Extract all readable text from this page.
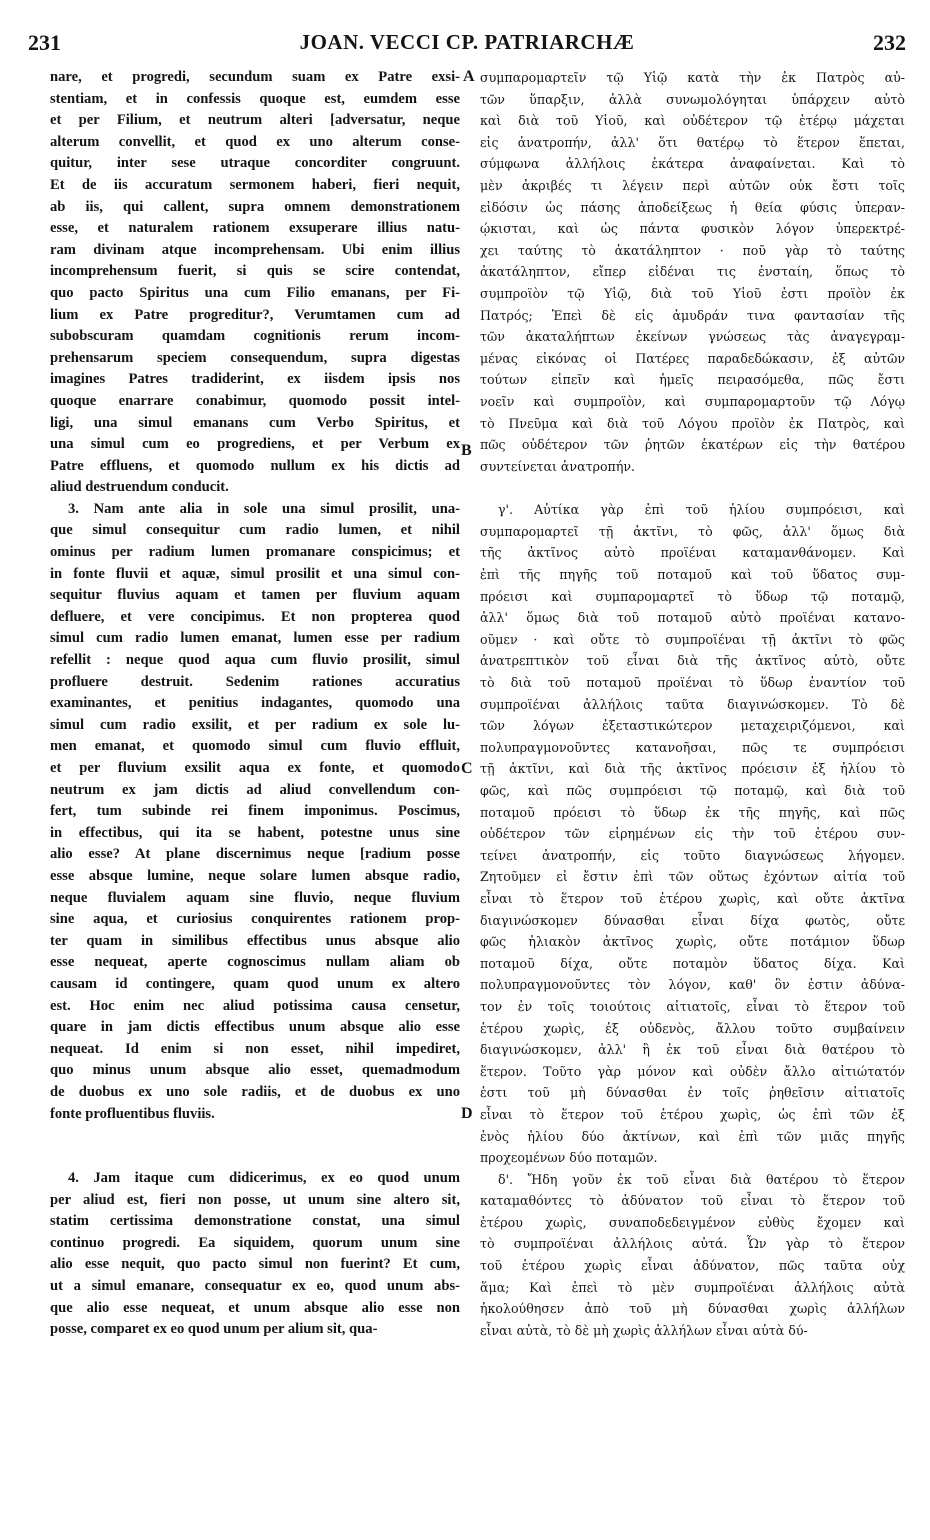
231	JOAN. VECCI CP. PATRIARCHÆ	232
A
B
C
D
nare, et progredi, secundum suam ex Patre exsi-
stentiam, et in confessis quoque est, eumdem esse
et per Filium, et neutrum alteri [adversatur, neque
alterum convellit, et quod ex uno alterum conse-
quitur, inter sese utraque concorditer congruunt.
Et de iis accuratum sermonem haberi, fieri nequit,
ab iis, qui callent, supra omnem demonstrationem
esse, et naturalem rationem exsuperare illius natu-
ram divinam atque incomprehensam. Ubi enim illius
incomprehensum fuerit, si quis se scire contendat,
quo pacto Spiritus una cum Filio emanans, per Fi-
lium ex Patre progreditur?, Verumtamen cum ad
subobscuram quamdam cognitionis rerum incom-
prehensarum speciem consequendum, supra digestas
imagines Patres tradiderint, ex iisdem ipsis nos
quoque enarrare conabimur, quomodo possit intel-
ligi, una simul emanans cum Verbo Spiritus, et
una simul cum eo progrediens, et per Verbum ex
Patre effluens, et quomodo nullum ex his dictis ad
aliud destruendum conducit.
3. Nam ante alia in sole una simul prosilit, una-
que simul consequitur cum radio lumen, et nihil
ominus per radium lumen promanare conspicimus; et
in fonte fluvii et aquæ, simul prosilit et una simul con-
sequitur fluvius aquam et tamen per fluvium aquam
defluere, et vere concipimus. Et non propterea quod
simul cum radio lumen emanat, lumen esse per radium
refellit : neque quod aqua cum fluvio prosilit, simul
profluere destruit. Sedenim rationes accuratius
examinantes, et penitius indagantes, quomodo una
simul cum radio exsilit, et per radium ex sole lu-
men emanat, et quomodo simul cum fluvio effluit,
et per fluvium exsilit aqua ex fonte, et quomodo
neutrum ex jam dictis ad aliud convellendum con-
fert, tum subinde rei finem imponimus. Poscimus,
in effectibus, qui ita se habent, potestne unus sine
alio esse? At plane discernimus neque [radium posse
esse absque lumine, neque solare lumen absque radio,
neque fluvialem aquam sine fluvio, neque fluvium
sine aqua, et curiosius conquirentes rationem prop-
ter quam in similibus effectibus unus absque alio
esse nequeat, aperte cognoscimus nullam aliam ob
causam id contingere, quam quod unum ex altero
est. Hoc enim nec aliud potissima causa censetur,
quare in jam dictis effectibus unum absque alio esse
nequeat. Id enim si non esset, nihil impediret,
quo minus unum absque alio esset, quemadmodum
de duobus ex uno sole radiis, et de duobus ex uno
fonte profluentibus fluviis.
4. Jam itaque cum didicerimus, ex eo quod unum
per aliud est, fieri non posse, ut unum sine altero sit,
statim certissima demonstratione constat, una simul
continuo progredi. Ea siquidem, quorum unum sine
alio esse nequit, quo pacto simul non fuerint? Et cum,
ut a simul emanare, consequatur ex eo, quod unum abs-
que alio esse nequeat, et unum absque alio esse non
posse, comparet ex eo quod unum per alium sit, qua-
συμπαρομαρτεῖν τῷ Υἱῷ κατὰ τὴν ἐκ Πατρὸς αὐ-
τῶν ὕπαρξιν, ἀλλὰ συνωμολόγηται ὑπάρχειν αὐτὸ
καὶ διὰ τοῦ Υἱοῦ, καὶ οὐδέτερον τῷ ἑτέρῳ μάχεται
εἰς ἀνατροπήν, ἀλλ' ὅτι θατέρῳ τὸ ἕτερον ἕπεται,
σύμφωνα ἀλλήλοις ἑκάτερα ἀναφαίνεται. Καὶ τὸ
μὲν ἀκριβές τι λέγειν περὶ αὐτῶν οὐκ ἔστι τοῖς
εἰδόσιν ὡς πάσης ἀποδείξεως ἡ θεία φύσις ὑπεραν-
ῴκισται, καὶ ὡς πάντα φυσικὸν λόγον ὑπερεκτρέ-
χει ταύτης τὸ ἀκατάληπτον · ποῦ γὰρ τὸ ταύτης
ἀκατάληπτον, εἴπερ εἰδέναι τις ἐνσταίη, ὅπως τὸ
συμπροϊὸν τῷ Υἱῷ, διὰ τοῦ Υἱοῦ ἐστι προϊὸν ἐκ
Πατρός; Ἐπεὶ δὲ εἰς ἀμυδράν τινα φαντασίαν τῆς
τῶν ἀκαταλήπτων ἐκείνων γνώσεως τὰς ἀναγεγραμ-
μένας εἰκόνας οἱ Πατέρες παραδεδώκασιν, ἐξ αὐτῶν
τούτων εἰπεῖν καὶ ἡμεῖς πειρασόμεθα, πῶς ἔστι
νοεῖν καὶ συμπροϊὸν, καὶ συμπαρομαρτοῦν τῷ Λόγῳ
τὸ Πνεῦμα καὶ διὰ τοῦ Λόγου προϊὸν ἐκ Πατρὸς, καὶ
πῶς οὐδέτερον τῶν ῥητῶν ἑκατέρων εἰς τὴν θατέρου
συντείνεται ἀνατροπήν.
γ'. Αὐτίκα γὰρ ἐπὶ τοῦ ἡλίου συμπρόεισι, καὶ
συμπαρομαρτεῖ τῇ ἀκτῖνι, τὸ φῶς, ἀλλ' ὅμως διὰ
τῆς ἀκτῖνος αὐτὸ προϊέναι καταμανθάνομεν. Καὶ
ἐπὶ τῆς πηγῆς τοῦ ποταμοῦ καὶ τοῦ ὕδατος συμ-
πρόεισι καὶ συμπαρομαρτεῖ τὸ ὕδωρ τῷ ποταμῷ,
ἀλλ' ὅμως διὰ τοῦ ποταμοῦ αὐτὸ προϊέναι κατανο-
οῦμεν · καὶ οὔτε τὸ συμπροϊέναι τῇ ἀκτῖνι τὸ φῶς
ἀνατρεπτικὸν τοῦ εἶναι διὰ τῆς ἀκτῖνος αὐτὸ, οὔτε
τὸ διὰ τοῦ ποταμοῦ προϊέναι τὸ ὕδωρ ἐναντίον τοῦ
συμπροϊέναι ἀλλήλοις ταῦτα διαγινώσκομεν. Τὸ δὲ
τῶν λόγων ἐξεταστικώτερον μεταχειριζόμενοι, καὶ
πολυπραγμονοῦντες κατανοῆσαι, πῶς τε συμπρόεισι
τῇ ἀκτῖνι, καὶ διὰ τῆς ἀκτῖνος πρόεισιν ἐξ ἡλίου τὸ
φῶς, καὶ πῶς συμπρόεισι τῷ ποταμῷ, καὶ διὰ τοῦ
ποταμοῦ πρόεισι τὸ ὕδωρ ἐκ τῆς πηγῆς, καὶ πῶς
οὐδέτερον τῶν εἰρημένων εἰς τὴν τοῦ ἑτέρου συν-
τείνει ἀνατροπήν, εἰς τοῦτο διαγνώσεως λήγομεν.
Ζητοῦμεν εἰ ἔστιν ἐπὶ τῶν οὕτως ἐχόντων αἰτία τοῦ
εἶναι τὸ ἕτερον τοῦ ἑτέρου χωρὶς, καὶ οὔτε ἀκτῖνα
διαγινώσκομεν δύνασθαι εἶναι δίχα φωτὸς, οὔτε
φῶς ἡλιακὸν ἀκτῖνος χωρὶς, οὔτε ποτάμιον ὕδωρ
ποταμοῦ δίχα, οὔτε ποταμὸν ὕδατος δίχα. Καὶ
πολυπραγμονοῦντες τὸν λόγον, καθ' ὃν ἐστιν ἀδύνα-
τον ἐν τοῖς τοιούτοις αἰτιατοῖς, εἶναι τὸ ἕτερον τοῦ
ἑτέρου χωρὶς, ἐξ οὐδενὸς, ἄλλου τοῦτο συμβαίνειν
διαγινώσκομεν, ἀλλ' ἢ ἐκ τοῦ εἶναι διὰ θατέρου τὸ
ἕτερον. Τοῦτο γὰρ μόνον καὶ οὐδὲν ἄλλο αἰτιώτατόν
ἐστι τοῦ μὴ δύνασθαι ἐν τοῖς ῥηθεῖσιν αἰτιατοῖς
εἶναι τὸ ἕτερον τοῦ ἑτέρου χωρὶς, ὡς ἐπὶ τῶν ἐξ
ἑνὸς ἡλίου δύο ἀκτίνων, καὶ ἐπὶ τῶν μιᾶς πηγῆς
προχεομένων δύο ποταμῶν.
δ'. Ἤδη γοῦν ἐκ τοῦ εἶναι διὰ θατέρου τὸ ἕτερον
καταμαθόντες τὸ ἀδύνατον τοῦ εἶναι τὸ ἕτερον τοῦ
ἑτέρου χωρὶς, συναποδεδειγμένον εὐθὺς ἔχομεν καὶ
τὸ συμπροϊέναι ἀλλήλοις αὐτά. Ὧν γὰρ τὸ ἕτερον
τοῦ ἑτέρου χωρὶς εἶναι ἀδύνατον, πῶς ταῦτα οὐχ
ἅμα; Καὶ ἐπεὶ τὸ μὲν συμπροϊέναι ἀλλήλοις αὐτὰ
ἠκολούθησεν ἀπὸ τοῦ μὴ δύνασθαι χωρὶς ἀλλήλων
εἶναι αὐτὰ, τὸ δὲ μὴ χωρὶς ἀλλήλων εἶναι αὐτὰ δύ-
